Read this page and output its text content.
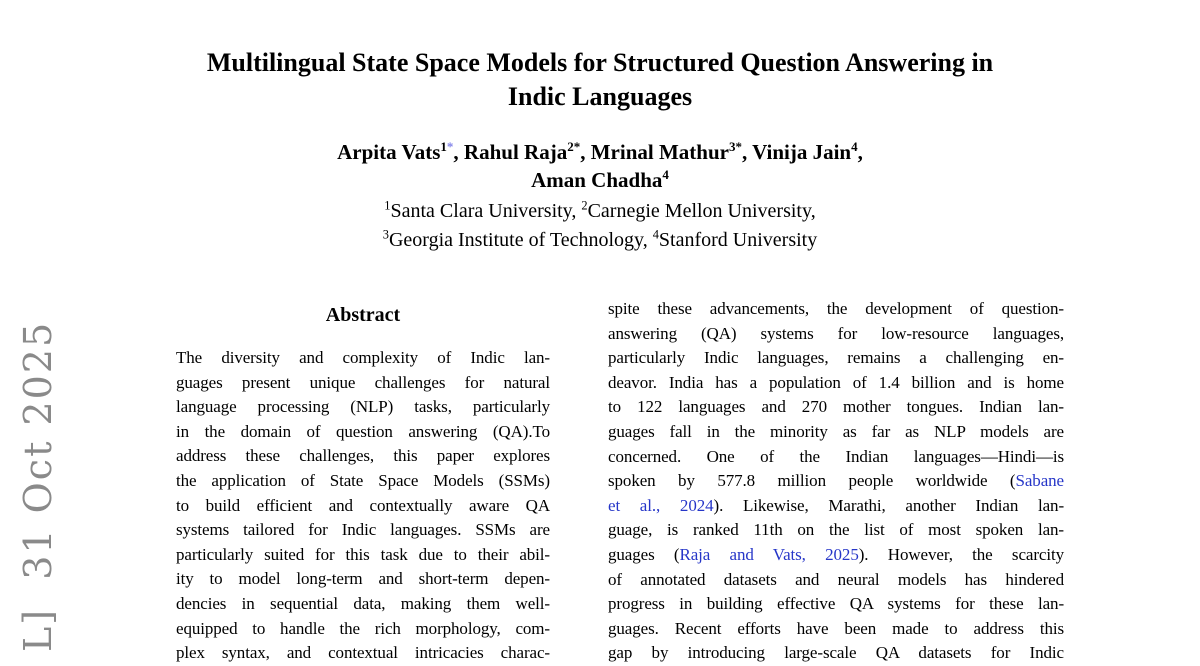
L]  31 Oct 2025
Multilingual State Space Models for Structured Question Answering in
Indic Languages
Arpita Vats$^{1*}$, Rahul Raja$^{2*}$, Mrinal Mathur$^{3*}$, Vinija Jain$^4$,
Aman Chadha$^4$
$^1$Santa Clara University, $^2$Carnegie Mellon University,
$^3$Georgia Institute of Technology, $^4$Stanford University
Abstract
The diversity and complexity of Indic lan-
guages present unique challenges for natural
language processing (NLP) tasks, particularly
in the domain of question answering (QA).To
address these challenges, this paper explores
the application of State Space Models (SSMs)
to build efficient and contextually aware QA
systems tailored for Indic languages. SSMs are
particularly suited for this task due to their abil-
ity to model long-term and short-term depen-
dencies in sequential data, making them well-
equipped to handle the rich morphology, com-
plex syntax, and contextual intricacies charac-
spite these advancements, the development of question-
answering (QA) systems for low-resource languages,
particularly Indic languages, remains a challenging en-
deavor. India has a population of 1.4 billion and is home
to 122 languages and 270 mother tongues. Indian lan-
guages fall in the minority as far as NLP models are
concerned. One of the Indian languages—Hindi—is
spoken by 577.8 million people worldwide (Sabane
et al., 2024). Likewise, Marathi, another Indian lan-
guage, is ranked 11th on the list of most spoken lan-
guages (Raja and Vats, 2025). However, the scarcity
of annotated datasets and neural models has hindered
progress in building effective QA systems for these lan-
guages. Recent efforts have been made to address this
gap by introducing large-scale QA datasets for Indic
